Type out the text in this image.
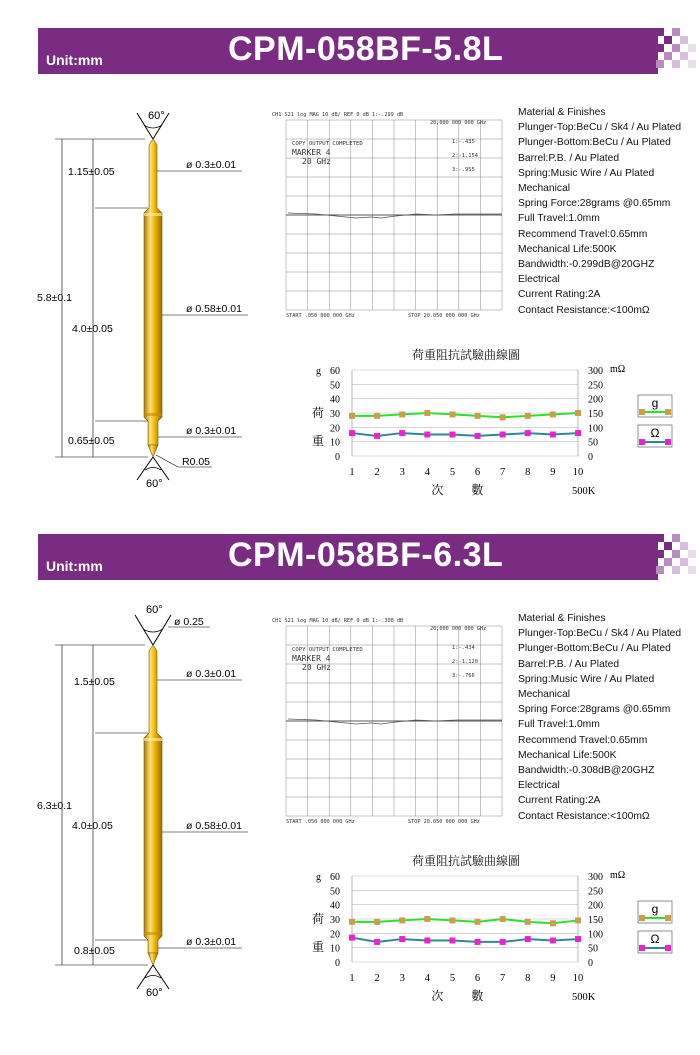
Unit:mm	CPM-058BF-5.8L
60°
60°
1.15±0.05
5.8±0.1
4.0±0.05
0.65±0.05
ø 0.3±0.01
ø 0.58±0.01
ø 0.3±0.01
R0.05
CH1 S21 log MAG 10 dB/ REF 0 dB 1:-.299 dB
20,000 000 000 GHz
COPY OUTPUT COMPLETED
MARKER 4
20 GHz
1:-.435
2:-1.154
3:-.955
START .050 000 000 GHz	STOP 20.050 000 000 GHz
Material & Finishes
Plunger-Top:BeCu / Sk4 / Au Plated
Plunger-Bottom:BeCu / Au Plated
Barrel:P.B. / Au Plated
Spring:Music Wire / Au Plated
Mechanical
Spring Force:28grams @0.65mm
Full Travel:1.0mm
Recommend Travel:0.65mm
Mechanical Life:500K
Bandwidth:-0.299dB@20GHZ
Electrical
Current Rating:2A
Contact Resistance:<100mΩ
荷重阻抗試驗曲線圖
0	0
10	50
20	100
30	150
40	200
50	250
60	300
1 2 3 4 5 6 7 8 9 10
g	mΩ
荷
重
次 數	500K
g
Ω
Unit:mm	CPM-058BF-6.3L
60°
ø 0.25
60°
1.5±0.05
6.3±0.1
4.0±0.05
0.8±0.05
ø 0.3±0.01
ø 0.58±0.01
ø 0.3±0.01
CH1 S21 log MAG 10 dB/ REF 0 dB 1:-.308 dB
20,000 000 000 GHz
COPY OUTPUT COMPLETED
MARKER 4
20 GHz
1:-.434
2:-1.120
3:-.766
START .050 000 000 GHz	STOP 20.050 000 000 GHz
Material & Finishes
Plunger-Top:BeCu / Sk4 / Au Plated
Plunger-Bottom:BeCu / Au Plated
Barrel:P.B. / Au Plated
Spring:Music Wire / Au Plated
Mechanical
Spring Force:28grams @0.65mm
Full Travel:1.0mm
Recommend Travel:0.65mm
Mechanical Life:500K
Bandwidth:-0.308dB@20GHZ
Electrical
Current Rating:2A
Contact Resistance:<100mΩ
荷重阻抗試驗曲線圖
0	0
10	50
20	100
30	150
40	200
50	250
60	300
1 2 3 4 5 6 7 8 9 10
g	mΩ
荷
重
次 數	500K
g
Ω
